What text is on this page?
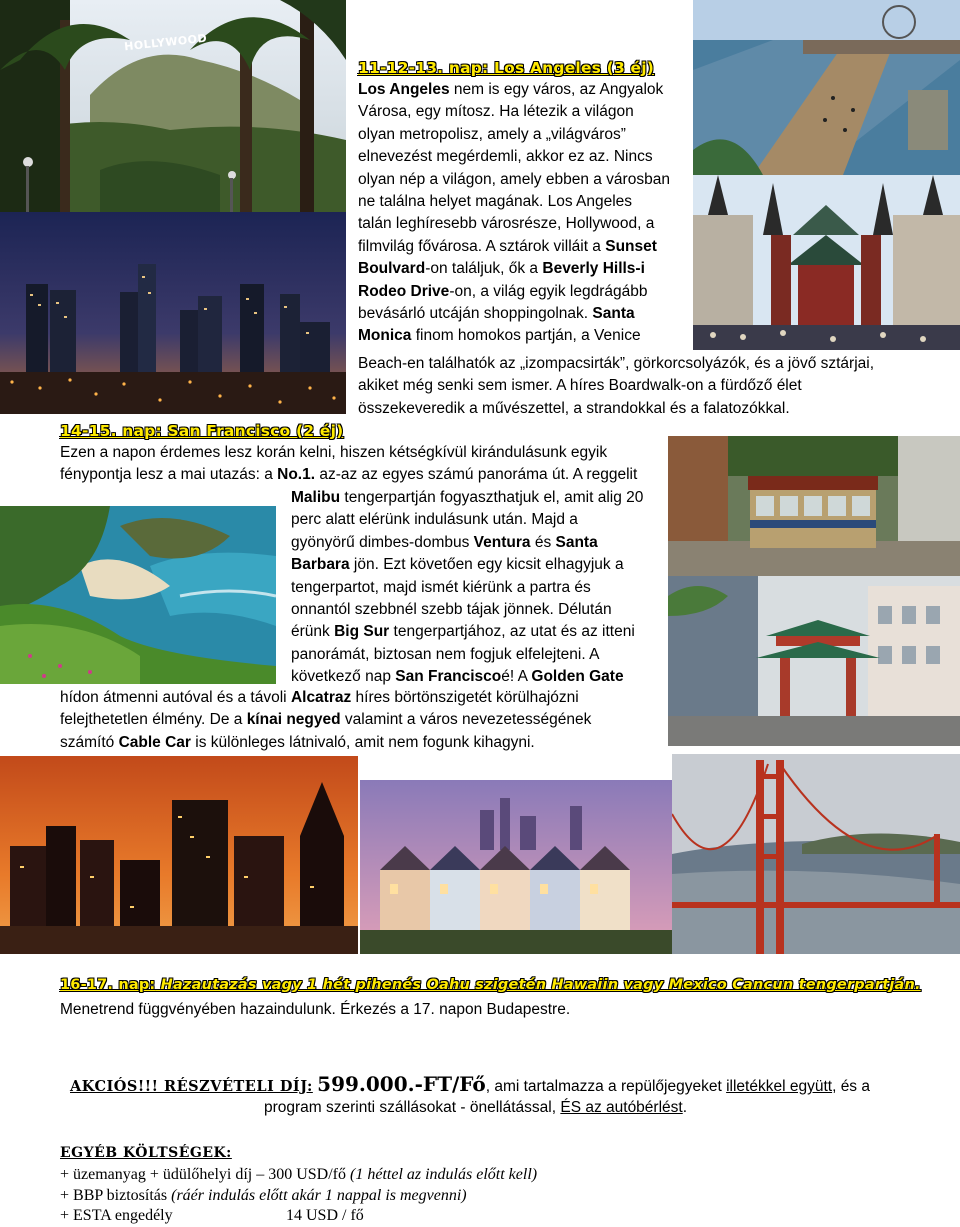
HOLLYWOOD
11-12-13. nap: Los Angeles (3 éj)
Los Angeles nem is egy város, az Angyalok
Városa, egy mítosz. Ha létezik a világon
olyan metropolisz, amely a „világváros”
elnevezést megérdemli, akkor ez az. Nincs
olyan nép a világon, amely ebben a városban
ne találna helyet magának. Los Angeles
talán leghíresebb városrésze, Hollywood, a
filmvilág fővárosa. A sztárok villáit a Sunset
Boulvard-on találjuk, ők a Beverly Hills-i
Rodeo Drive-on, a világ egyik legdrágább
bevásárló utcáján shoppingolnak. Santa
Monica finom homokos partján, a Venice
Beach-en találhatók az „izompacsirták”, görkorcsolyázók, és a jövő sztárjai,
akiket még senki sem ismer. A híres Boardwalk-on a fürdőző élet
összekeveredik a művészettel, a strandokkal és a falatozókkal.
14-15. nap: San Francisco (2 éj)
Ezen a napon érdemes lesz korán kelni, hiszen kétségkívül kirándulásunk egyik
fénypontja lesz a mai utazás: a No.1. az-az az egyes számú panoráma út. A reggelit
Malibu tengerpartján fogyaszthatjuk el, amit alig 20
perc alatt elérünk indulásunk után. Majd a
gyönyörű dimbes-dombus Ventura és Santa
Barbara jön. Ezt követően egy kicsit elhagyjuk a
tengerpartot, majd ismét kiérünk a partra és
onnantól szebbnél szebb tájak jönnek. Délután
érünk Big Sur tengerpartjához, az utat és az itteni
panorámát, biztosan nem fogjuk elfelejteni. A
következő nap San Franciscoé! A Golden Gate
hídon átmenni autóval és a távoli Alcatraz híres börtönszigetét körülhajózni
felejthetetlen élmény. De a kínai negyed valamint a város nevezetességének
számító Cable Car is különleges látnivaló, amit nem fogunk kihagyni.
16-17. nap: Hazautazás vagy 1 hét pihenés Oahu szigetén Hawaiin vagy Mexico Cancun tengerpartján.
Menetrend függvényében hazaindulunk. Érkezés a 17. napon Budapestre.
AKCIÓS!!! RÉSZVÉTELI DÍJ: 599.000.-FT/Fő, ami tartalmazza a repülőjegyeket illetékkel együtt, és a
program szerinti szállásokat - önellátással, ÉS az autóbérlést.
EGYÉB KÖLTSÉGEK:
+ üzemanyag + üdülőhelyi díj – 300 USD/fő (1 héttel az indulás előtt kell)
+ BBP biztosítás (ráér indulás előtt akár 1 nappal is megvenni)
+ ESTA engedély	14 USD / fő
